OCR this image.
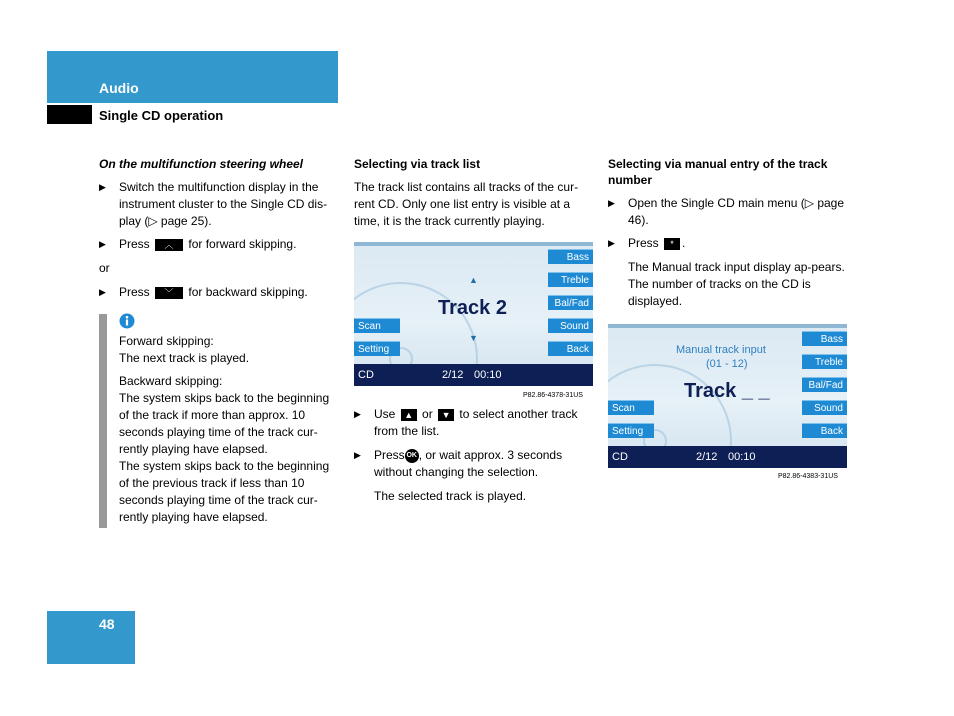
Audio
Single CD operation
On the multifunction steering wheel
▶ Switch the multifunction display in the instrument cluster to the Single CD dis-play (▷ page 25).
▶ Press ︿ for forward skipping.
or
▶ Press ﹀ for backward skipping.
Forward skipping:
The next track is played.
Backward skipping:
The system skips back to the beginning of the track if more than approx. 10 seconds playing time of the track cur-rently playing have elapsed.
The system skips back to the beginning of the previous track if less than 10 seconds playing time of the track cur-rently playing have elapsed.
Selecting via track list
The track list contains all tracks of the cur-rent CD. Only one list entry is visible at a time, it is the track currently playing.
Bass
Treble
Bal/Fad
Sound
Back
Scan
Setting
▲
Track 2
▼
CD	2/12 00:10
P82.86-4378-31US
▶ Use ▲ or ▼ to select another track from the list.
▶ Press OK , or wait approx. 3 seconds without changing the selection.
The selected track is played.
Selecting via manual entry of the track number
▶ Open the Single CD main menu (▷ page 46).
▶ Press * .
The Manual track input display ap-pears. The number of tracks on the CD is displayed.
Bass
Treble
Bal/Fad
Sound
Back
Scan
Setting
Manual track input
(01 - 12)
Track _ _
CD	2/12 00:10
P82.86-4383-31US
48
